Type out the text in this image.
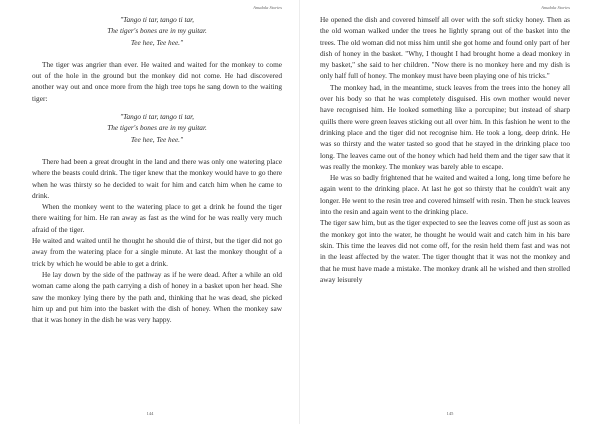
Anudala Stories

"Tango ti tar, tango ti tar,

The tiger's bones are in my guitar.

Tee hee, Tee hee."

The tiger was angrier than ever. He waited and waited for the monkey to come out of the hole in the ground but the monkey did not come. He had discovered another way out and once more from the high tree tops he sang down to the waiting tiger:

"Tango ti tar, tango ti tar,

The tiger's bones are in my guitar.

Tee hee, Tee hee."

There had been a great drought in the land and there was only one watering place where the beasts could drink. The tiger knew that the monkey would have to go there when he was thirsty so he decided to wait for him and catch him when he came to drink.

When the monkey went to the watering place to get a drink he found the tiger there waiting for him. He ran away as fast as the wind for he was really very much afraid of the tiger.

He waited and waited until he thought he should die of thirst, but the tiger did not go away from the watering place for a single minute. At last the monkey thought of a trick by which he would be able to get a drink.

He lay down by the side of the pathway as if he were dead. After a while an old woman came along the path carrying a dish of honey in a basket upon her head. She saw the monkey lying there by the path and, thinking that he was dead, she picked him up and put him into the basket with the dish of honey. When the monkey saw that it was honey in the dish he was very happy.

144
Anudala Stories

He opened the dish and covered himself all over with the soft sticky honey. Then as the old woman walked under the trees he lightly sprang out of the basket into the trees. The old woman did not miss him until she got home and found only part of her dish of honey in the basket. "Why, I thought I had brought home a dead monkey in my basket," she said to her children. "Now there is no monkey here and my dish is only half full of honey. The monkey must have been playing one of his tricks."

The monkey had, in the meantime, stuck leaves from the trees into the honey all over his body so that he was completely disguised. His own mother would never have recognised him. He looked something like a porcupine; but instead of sharp quills there were green leaves sticking out all over him. In this fashion he went to the drinking place and the tiger did not recognise him. He took a long, deep drink. He was so thirsty and the water tasted so good that he stayed in the drinking place too long. The leaves came out of the honey which had held them and the tiger saw that it was really the monkey. The monkey was barely able to escape.

He was so badly frightened that he waited and waited a long, long time before he again went to the drinking place. At last he got so thirsty that he couldn't wait any longer. He went to the resin tree and covered himself with resin. Then he stuck leaves into the resin and again went to the drinking place.

The tiger saw him, but as the tiger expected to see the leaves come off just as soon as the monkey got into the water, he thought he would wait and catch him in his bare skin. This time the leaves did not come off, for the resin held them fast and was not in the least affected by the water. The tiger thought that it was not the monkey and that he must have made a mistake. The monkey drank all he wished and then strolled away leisurely

145
